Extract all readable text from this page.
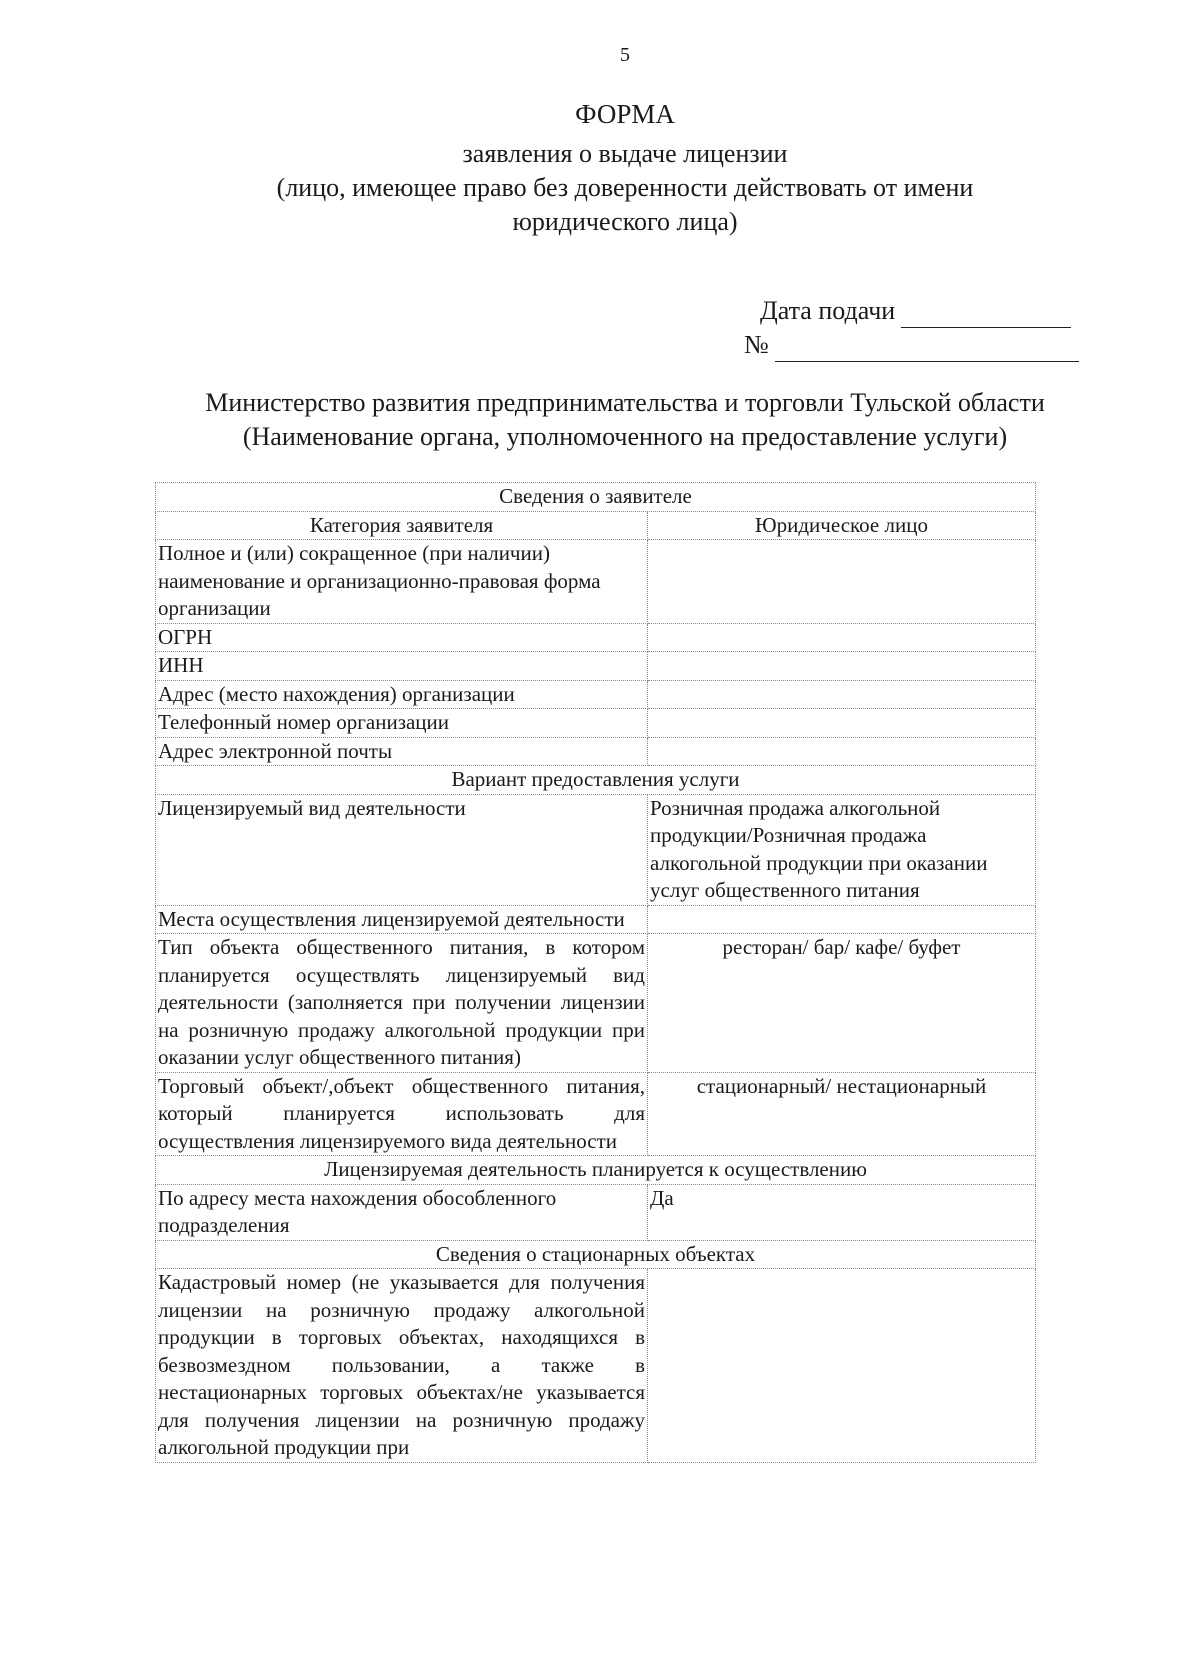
5
ФОРМА
заявления о выдаче лицензии
(лицо, имеющее право без доверенности действовать от имени
юридического лица)
Дата подачи
№
Министерство развития предпринимательства и торговли Тульской области
(Наименование органа, уполномоченного на предоставление услуги)
Сведения о заявителе	
Категория заявителя	Юридическое лицо
Полное и (или) сокращенное (при наличии) наименование и организационно-правовая форма организации	
ОГРН	
ИНН	
Адрес (место нахождения) организации	
Телефонный номер организации	
Адрес электронной почты	
Вариант предоставления услуги	
Лицензируемый вид деятельности	Розничная продажа алкогольной продукции/Розничная продажа алкогольной продукции при оказании услуг общественного питания
Места осуществления лицензируемой деятельности	
Тип объекта общественного питания, в котором планируется осуществлять лицензируемый вид деятельности (заполняется при получении лицензии на розничную продажу алкогольной продукции при оказании услуг общественного питания)	ресторан/ бар/ кафе/ буфет
Торговый объект/,объект общественного питания, который планируется использовать для осуществления лицензируемого вида деятельности	стационарный/ нестационарный
Лицензируемая деятельность планируется к осуществлению	
По адресу места нахождения обособленного подразделения	Да
Сведения о стационарных объектах	
Кадастровый номер (не указывается для получения лицензии на розничную продажу алкогольной продукции в торговых объектах, находящихся в безвозмездном пользовании, а также в нестационарных торговых объектах/не указывается для получения лицензии на розничную продажу алкогольной продукции при	
